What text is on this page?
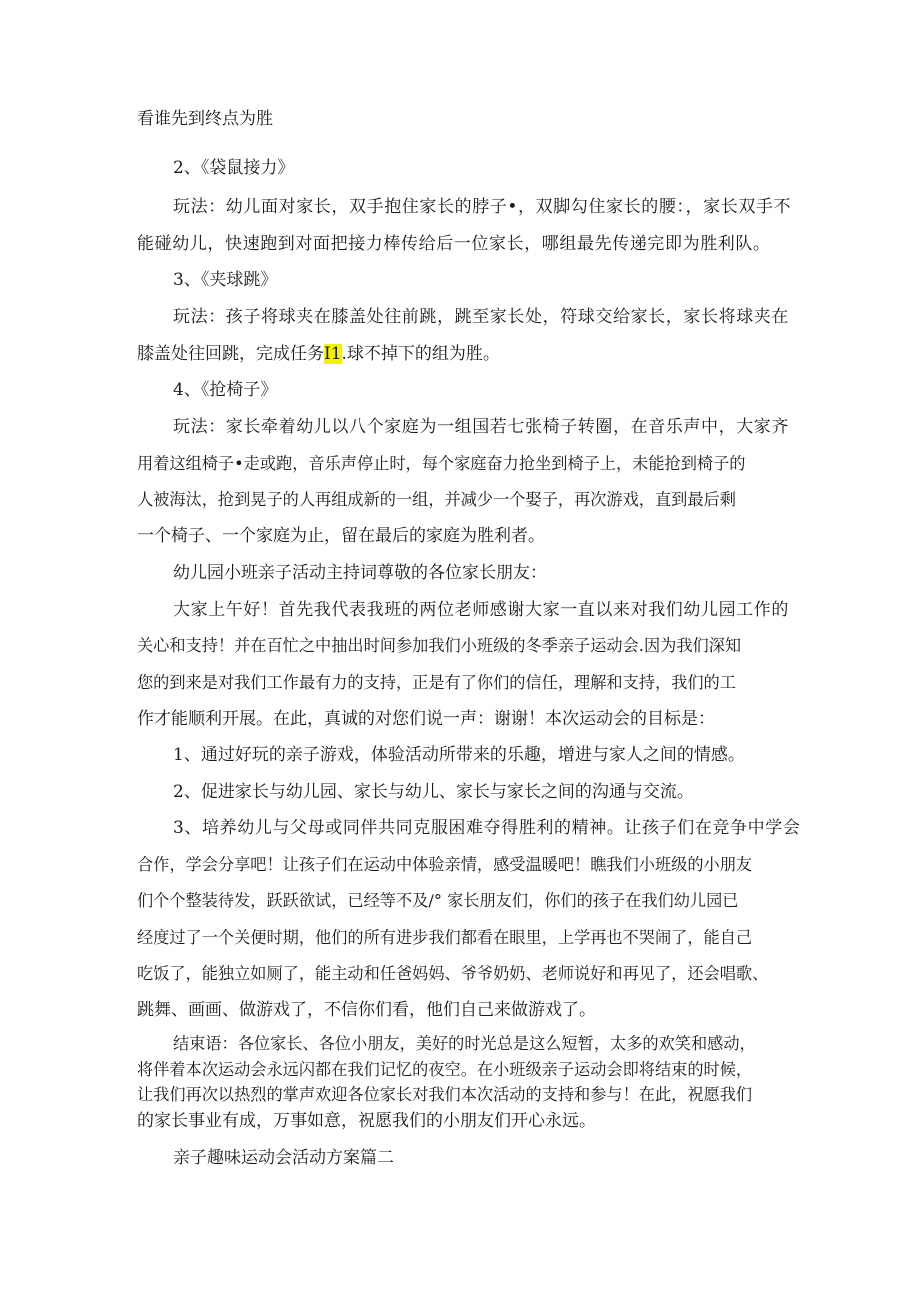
看谁先到终点为胜
2、《袋鼠接力》
玩法：幼儿面对家长，双手抱住家长的脖子•，双脚勾住家长的腰：，家长双手不
能碰幼儿，快速跑到对面把接力棒传给后一位家长，哪组最先传递完即为胜利队。
3、《夹球跳》
玩法：孩子将球夹在膝盖处往前跳，跳至家长处，符球交给家长，家长将球夹在
膝盖处往回跳，完成任务I1.球不掉下的组为胜。
4、《抢椅子》
玩法：家长牵着幼儿以八个家庭为一组国若七张椅子转圈，在音乐声中，大家齐
用着这组椅子•走或跑，音乐声停止时，每个家庭奋力抢坐到椅子上，未能抢到椅子的
人被海汰，抢到晃子的人再组成新的一组，并减少一个娶子，再次游戏，直到最后剩
一个椅子、一个家庭为止，留在最后的家庭为胜利者。
幼儿园小班亲子活动主持词尊敬的各位家长朋友：
大家上午好！首先我代表我班的两位老师感谢大家一直以来对我们幼儿园工作的
关心和支持！并在百忙之中抽出时间参加我们小班级的冬季亲子运动会.因为我们深知
您的到来是对我们工作最有力的支持，正是有了你们的信任，理解和支持，我们的工
作才能顺利开展。在此，真诚的对您们说一声：谢谢！本次运动会的目标是：
1、通过好玩的亲子游戏，体验活动所带来的乐趣，增进与家人之间的情感。
2、促进家长与幼儿园、家长与幼儿、家长与家长之间的沟通与交流。
3、培养幼儿与父母或同伴共同克服困难夺得胜利的精神。让孩子们在竞争中学会
合作，学会分享吧！让孩子们在运动中体验亲情，感受温暖吧！瞧我们小班级的小朋友
们个个整装待发，跃跃欲试，已经等不及/° 家长朋友们，你们的孩子在我们幼儿园已
经度过了一个关便时期，他们的所有进步我们都看在眼里，上学再也不哭闹了，能自己
吃饭了，能独立如厕了，能主动和任爸妈妈、爷爷奶奶、老师说好和再见了，还会唱歌、
跳舞、画画、做游戏了，不信你们看，他们自己来做游戏了。
结束语：各位家长、各位小朋友，美好的时光总是这么短暂，太多的欢笑和感动，
将伴着本次运动会永远闪都在我们记忆的夜空。在小班级亲子运动会即将结束的时候，
让我们再次以热烈的掌声欢迎各位家长对我们本次活动的支持和参与！在此，祝愿我们
的家长事业有成，万事如意，祝愿我们的小朋友们开心永远。
亲子趣味运动会活动方案篇二
